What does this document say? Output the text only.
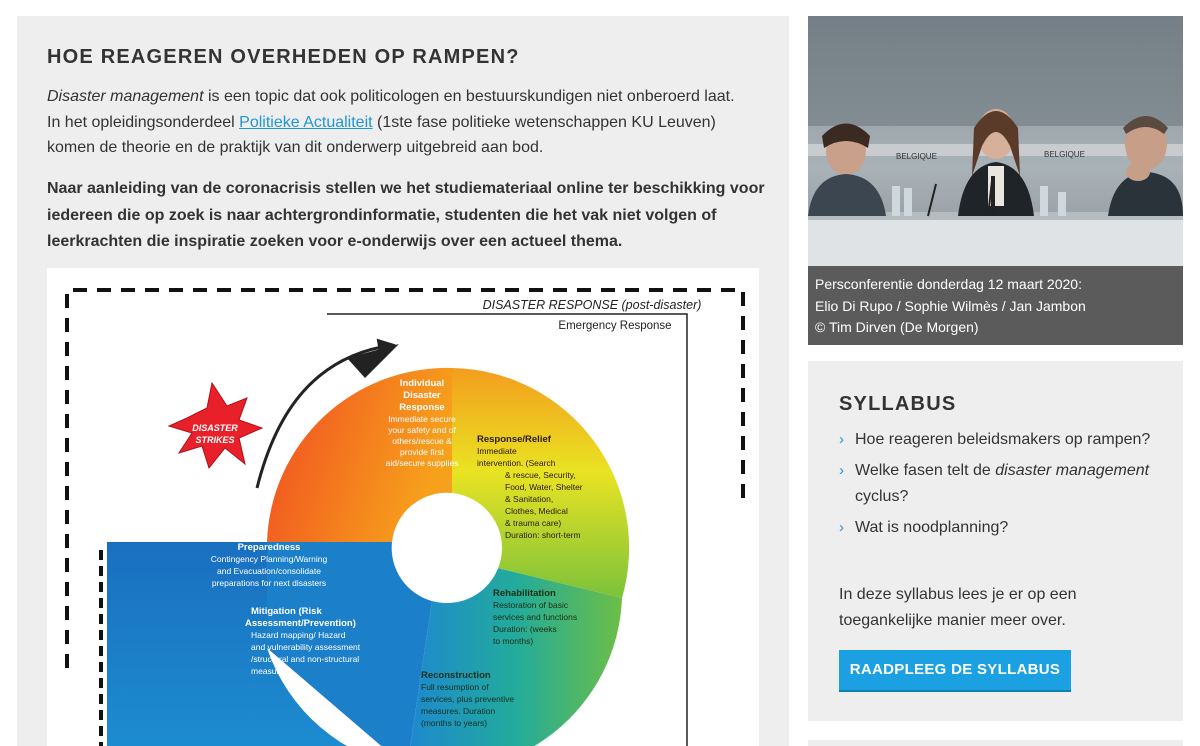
HOE REAGEREN OVERHEDEN OP RAMPEN?

Disaster management is een topic dat ook politicologen en bestuurskundigen niet onberoerd laat. In het opleidingsonderdeel Politieke Actualiteit (1ste fase politieke wetenschappen KU Leuven) komen de theorie en de praktijk van dit onderwerp uitgebreid aan bod.

Naar aanleiding van de coronacrisis stellen we het studiemateriaal online ter beschikking voor iedereen die op zoek is naar achtergrondinformatie, studenten die het vak niet volgen of leerkrachten die inspiratie zoeken voor e-onderwijs over een actueel thema.

DISASTER RESPONSE (post-disaster)
Emergency Response
DISASTER
STRIKES
Individual
Disaster
Response
Immediate secure
your safety and of
others/rescue &
provide first
aid/secure supplies
Response/Relief
Immediate
intervention. (Search
& rescue, Security,
Food, Water, Shelter
& Sanitation,
Clothes, Medical
& trauma care)
Duration: short-term
Rehabilitation
Restoration of basic
services and functions
Duration: (weeks
to months)
Reconstruction
Full resumption of
services, plus preventive
measures. Duration
(months to years)
Preparedness
Contingency Planning/Warning
and Evacuation/consolidate
preparations for next disasters
Mitigation (Risk
Assessment/Prevention)
Hazard mapping/ Hazard
and vulnerability assessment
/structural and non-structural
measures
BELGIQUE	BELGIQUE
Persconferentie donderdag 12 maart 2020:
Elio Di Rupo / Sophie Wilmès / Jan Jambon
© Tim Dirven (De Morgen)
SYLLABUS
› Hoe reageren beleidsmakers op rampen?
› Welke fasen telt de disaster management cyclus?
› Wat is noodplanning?

In deze syllabus lees je er op een toegankelijke manier meer over.

RAADPLEEG DE SYLLABUS
